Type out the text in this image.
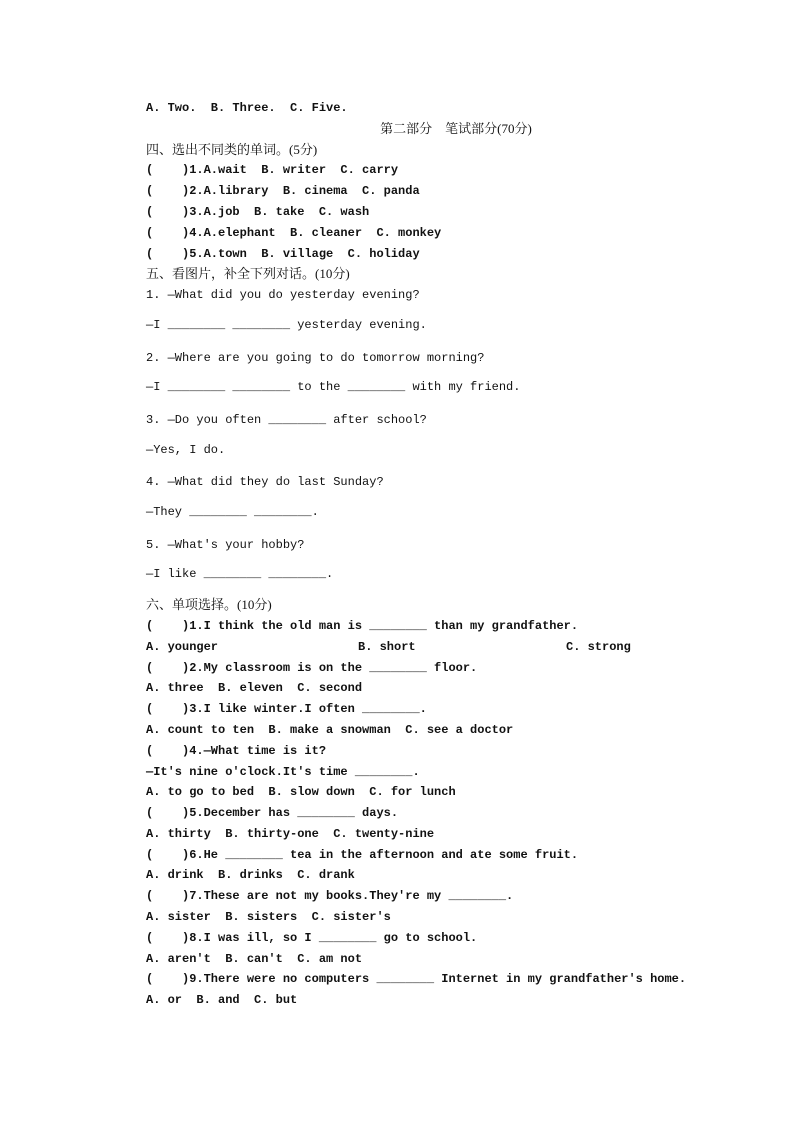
A. Two.  B. Three.  C. Five.
第二部分　笔试部分(70分)
四、选出不同类的单词。(5分)
(    )1.A.wait  B. writer  C. carry
(    )2.A.library  B. cinema  C. panda
(    )3.A.job  B. take  C. wash
(    )4.A.elephant  B. cleaner  C. monkey
(    )5.A.town  B. village  C. holiday
五、看图片，补全下列对话。(10分)
1. —What did you do yesterday evening?
—I ________ ________ yesterday evening.
2. —Where are you going to do tomorrow morning?
—I ________ ________ to the ________ with my friend.
3. —Do you often ________ after school?
—Yes, I do.
4. —What did they do last Sunday?
—They ________ ________.
5. —What's your hobby?
—I like ________ ________.
六、单项选择。(10分)
(    )1.I think the old man is ________ than my grandfather.
A. younger	B. short	C. strong
(    )2.My classroom is on the ________ floor.
A. three  B. eleven  C. second
(    )3.I like winter.I often ________.
A. count to ten  B. make a snowman  C. see a doctor
(    )4.—What time is it?
—It's nine o'clock.It's time ________.
A. to go to bed  B. slow down  C. for lunch
(    )5.December has ________ days.
A. thirty  B. thirty-one  C. twenty-nine
(    )6.He ________ tea in the afternoon and ate some fruit.
A. drink  B. drinks  C. drank
(    )7.These are not my books.They're my ________.
A. sister  B. sisters  C. sister's
(    )8.I was ill, so I ________ go to school.
A. aren't  B. can't  C. am not
(    )9.There were no computers ________ Internet in my grandfather's home.
A. or  B. and  C. but
